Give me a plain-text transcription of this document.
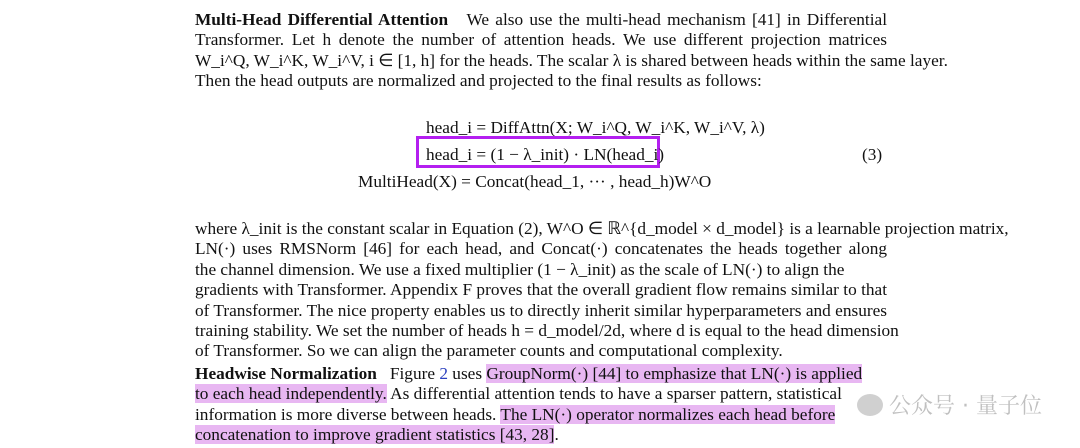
Multi-Head Differential Attention We also use the multi-head mechanism [41] in Differential
Transformer. Let h denote the number of attention heads. We use different projection matrices
W_i^Q, W_i^K, W_i^V, i ∈ [1, h] for the heads. The scalar λ is shared between heads within the same layer.
Then the head outputs are normalized and projected to the final results as follows:
head_i = DiffAttn(X; W_i^Q, W_i^K, W_i^V, λ)
head_i = (1 − λ_init) · LN(head_i)
MultiHead(X) = Concat(head_1, ··· , head_h)W^O
(3)
where λ_init is the constant scalar in Equation (2), W^O ∈ ℝ^{d_model × d_model} is a learnable projection matrix,
LN(·) uses RMSNorm [46] for each head, and Concat(·) concatenates the heads together along
the channel dimension. We use a fixed multiplier (1 − λ_init) as the scale of LN(·) to align the
gradients with Transformer. Appendix F proves that the overall gradient flow remains similar to that
of Transformer. The nice property enables us to directly inherit similar hyperparameters and ensures
training stability. We set the number of heads h = d_model/2d, where d is equal to the head dimension
of Transformer. So we can align the parameter counts and computational complexity.
Headwise Normalization Figure 2 uses GroupNorm(·) [44] to emphasize that LN(·) is applied
to each head independently. As differential attention tends to have a sparser pattern, statistical
information is more diverse between heads. The LN(·) operator normalizes each head before
concatenation to improve gradient statistics [43, 28].
公众号 · 量子位
